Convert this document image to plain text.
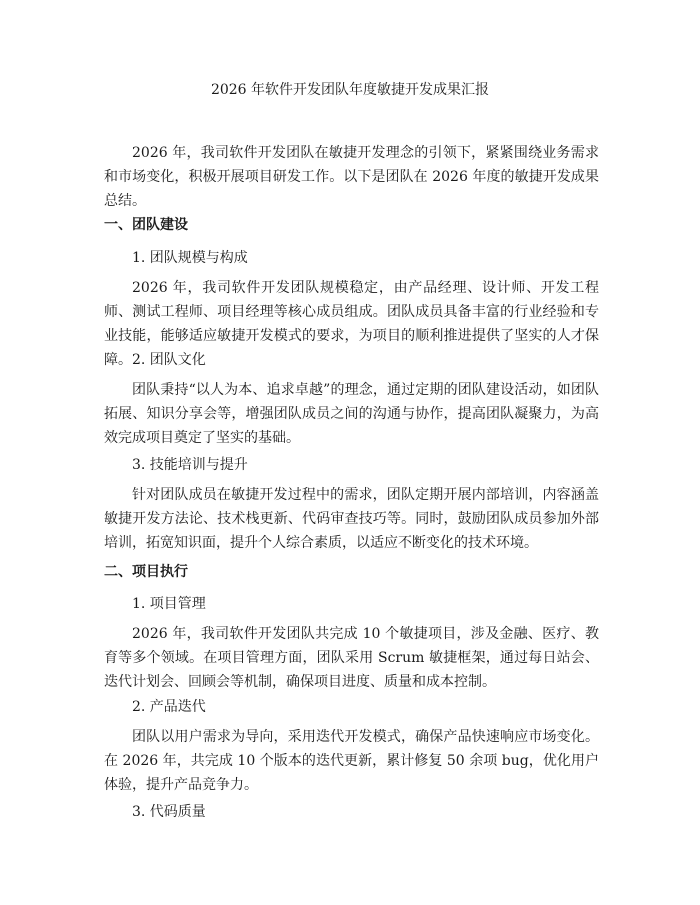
2026 年软件开发团队年度敏捷开发成果汇报

2026 年，我司软件开发团队在敏捷开发理念的引领下，紧紧围绕业务需求和市场变化，积极开展项目研发工作。以下是团队在 2026 年度的敏捷开发成果总结。

一、团队建设
1. 团队规模与构成

2026 年，我司软件开发团队规模稳定，由产品经理、设计师、开发工程师、测试工程师、项目经理等核心成员组成。团队成员具备丰富的行业经验和专业技能，能够适应敏捷开发模式的要求，为项目的顺利推进提供了坚实的人才保障。 2. 团队文化

团队秉持“以人为本、追求卓越”的理念，通过定期的团队建设活动，如团队拓展、知识分享会等，增强团队成员之间的沟通与协作，提高团队凝聚力，为高效完成项目奠定了坚实的基础。

3. 技能培训与提升

针对团队成员在敏捷开发过程中的需求，团队定期开展内部培训，内容涵盖敏捷开发方法论、技术栈更新、代码审查技巧等。同时，鼓励团队成员参加外部培训，拓宽知识面，提升个人综合素质，以适应不断变化的技术环境。

二、项目执行
1. 项目管理

2026 年，我司软件开发团队共完成 10 个敏捷项目，涉及金融、医疗、教育等多个领域。在项目管理方面，团队采用 Scrum 敏捷框架，通过每日站会、迭代计划会、回顾会等机制，确保项目进度、质量和成本控制。

2. 产品迭代

团队以用户需求为导向，采用迭代开发模式，确保产品快速响应市场变化。在 2026 年，共完成 10 个版本的迭代更新，累计修复 50 余项 bug，优化用户体验，提升产品竞争力。

3. 代码质量
